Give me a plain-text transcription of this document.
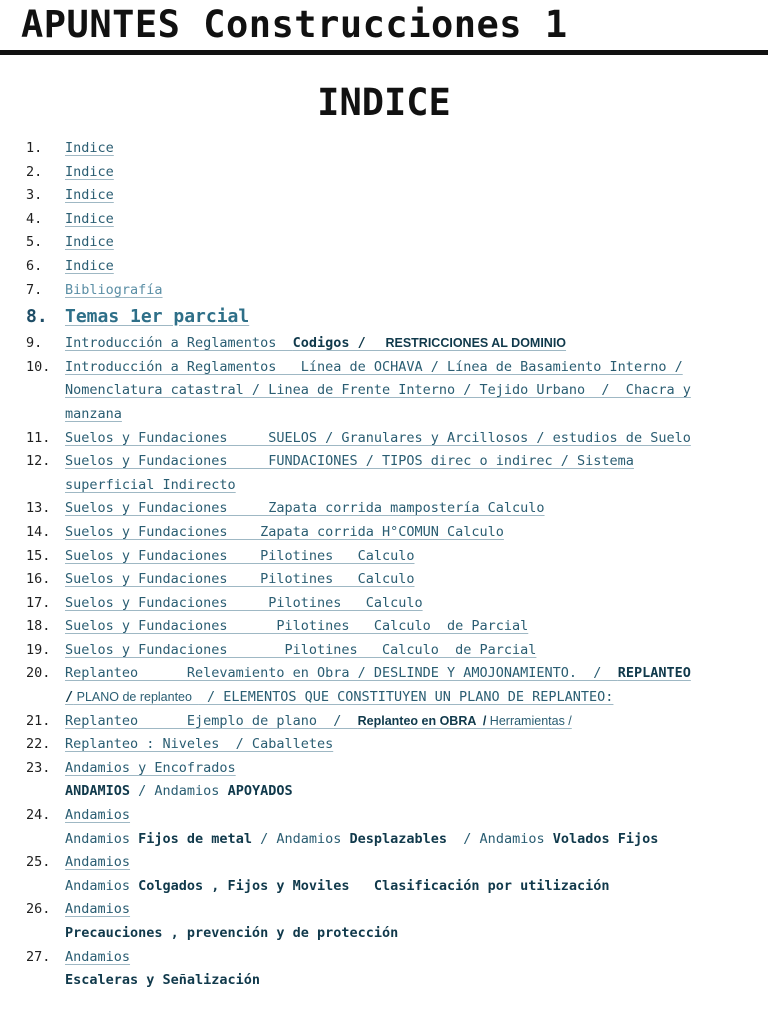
APUNTES Construcciones 1
INDICE
1. Indice
2. Indice
3. Indice
4. Indice
5. Indice
6. Indice
7. Bibliografía
8. Temas 1er parcial
9. Introducción a Reglamentos  Codigos /   RESTRICCIONES AL DOMINIO
10. Introducción a Reglamentos   Línea de OCHAVA / Línea de Basamiento Interno /
Nomenclatura catastral / Linea de Frente Interno / Tejido Urbano  /  Chacra y
manzana
11. Suelos y Fundaciones     SUELOS / Granulares y Arcillosos / estudios de Suelo
12. Suelos y Fundaciones     FUNDACIONES / TIPOS direc o indirec / Sistema
superficial Indirecto
13. Suelos y Fundaciones     Zapata corrida mampostería Calculo
14. Suelos y Fundaciones    Zapata corrida H°COMUN Calculo
15. Suelos y Fundaciones    Pilotines   Calculo
16. Suelos y Fundaciones    Pilotines   Calculo
17. Suelos y Fundaciones     Pilotines   Calculo
18. Suelos y Fundaciones      Pilotines   Calculo  de Parcial
19. Suelos y Fundaciones       Pilotines   Calculo  de Parcial
20. Replanteo      Relevamiento en Obra / DESLINDE Y AMOJONAMIENTO.  /  REPLANTEO
/ PLANO de replanteo   / ELEMENTOS QUE CONSTITUYEN UN PLANO DE REPLANTEO:
21. Replanteo      Ejemplo de plano  /  Replanteo en OBRA  / Herramientas /
22. Replanteo : Niveles  / Caballetes
23. Andamios y Encofrados
ANDAMIOS / Andamios APOYADOS
24. Andamios
Andamios Fijos de metal / Andamios Desplazables  / Andamios Volados Fijos
25. Andamios
Andamios Colgados , Fijos y Moviles   Clasificación por utilización
26. Andamios
Precauciones , prevención y de protección
27. Andamios
Escaleras y Señalización
